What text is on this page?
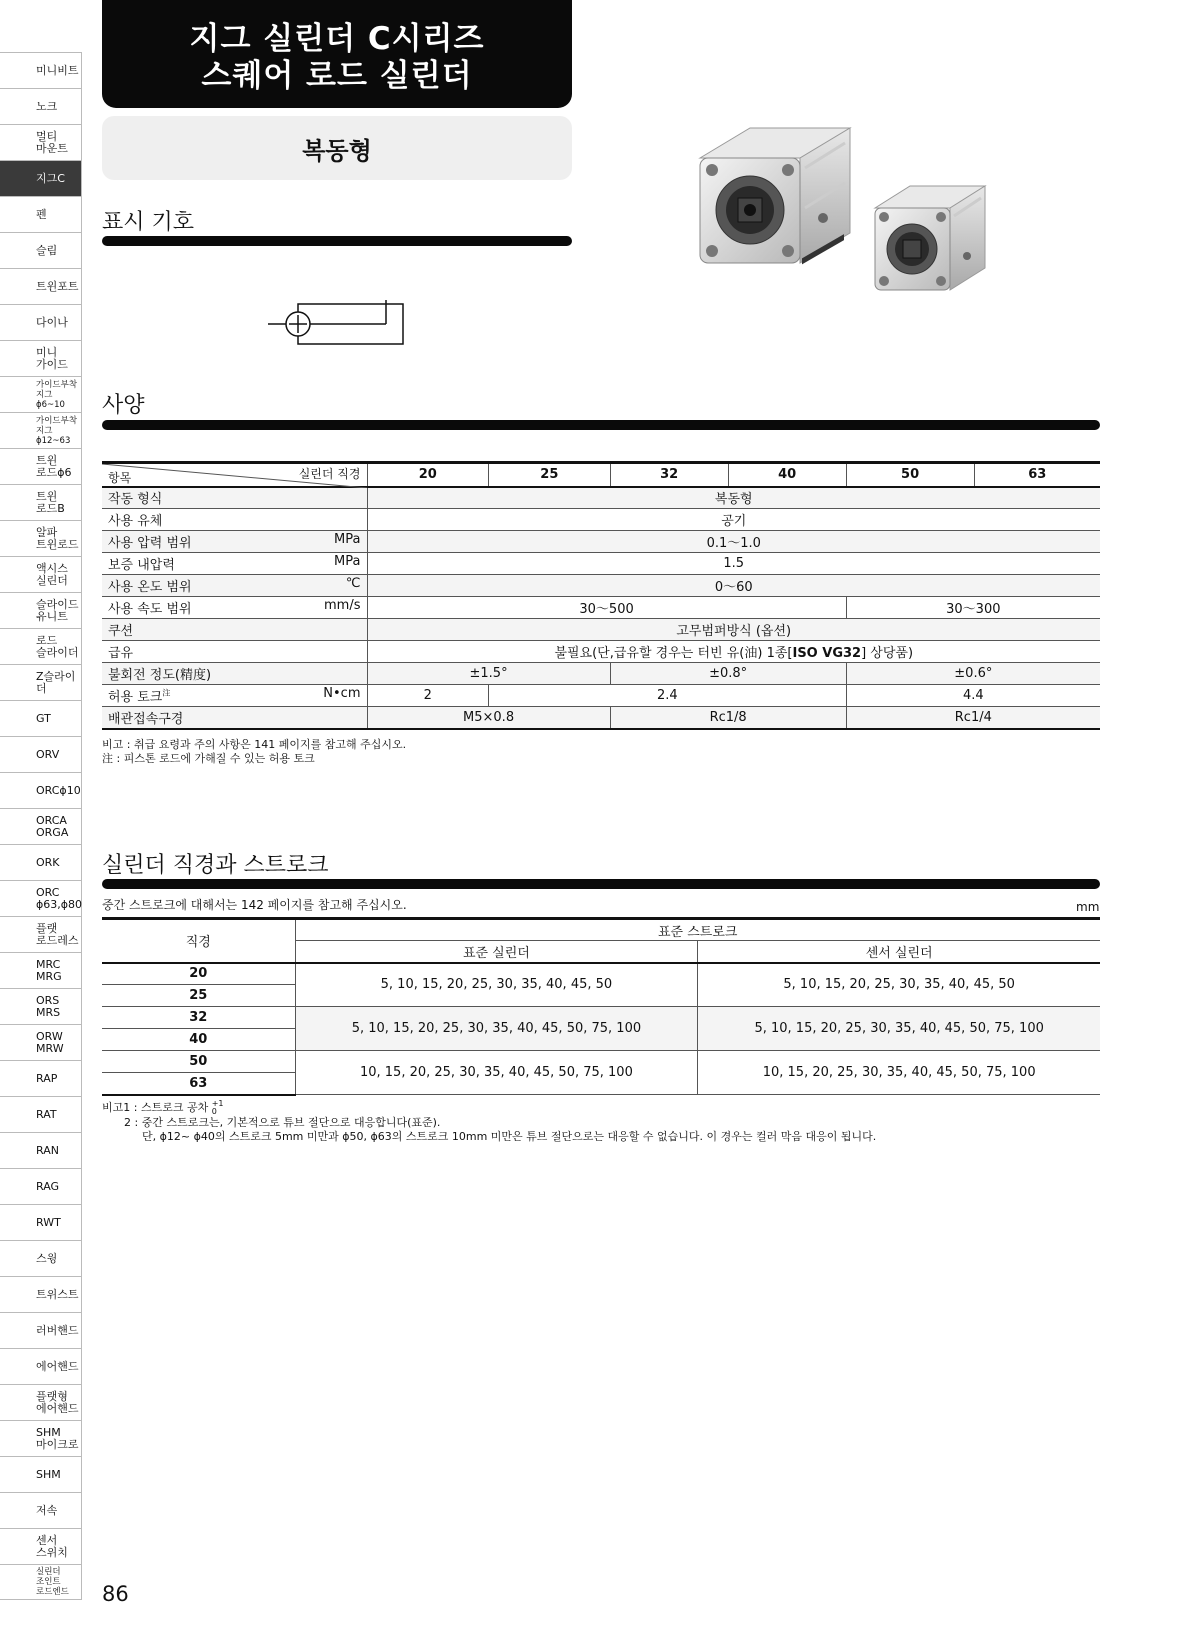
미니비트
노크
멀티
마운트
지그C
펜
슬림
트윈포트
다이나
미니
가이드
가이드부착지그
ϕ6~10
가이드부착지그
ϕ12~63
트윈
로드ϕ6
트윈
로드B
알파
트윈로드
액시스
실린더
슬라이드
유니트
로드
슬라이더
Z슬라이더
GT
ORV
ORCϕ10
ORCA
ORGA
ORK
ORC
ϕ63,ϕ80
플랫
로드레스
MRC
MRG
ORS
MRS
ORW
MRW
RAP
RAT
RAN
RAG
RWT
스윙
트위스트
러버핸드
에어핸드
플랫형
에어핸드
SHM
마이크로
SHM
저속
센서
스위치
실린더
조인트
로드엔드
지그 실린더 C시리즈
스퀘어 로드 실린더
복동형
표시 기호
사양
실린더 직경
항목	20	25	32	40	50	63
작동 형식	복동형					
사용 유체	공기					
사용 압력 범위 MPa	0.1～1.0					
보증 내압력 MPa	1.5					
사용 온도 범위 ℃	0～60					
사용 속도 범위 mm/s	30～500				30～300	
쿠션	고무범퍼방식 (옵션)					
급유	불필요(단,급유할 경우는 터빈 유(油) 1종[ISO VG32] 상당품)					
불회전 정도(精度)	±1.5°		±0.8°		±0.6°	
허용 토크$^注$ N•cm	2	2.4			4.4	
배관접속구경	M5×0.8		Rc1/8		Rc1/4	
비고 : 취급 요령과 주의 사항은 141 페이지를 참고해 주십시오.
注 : 피스톤 로드에 가해질 수 있는 허용 토크
실린더 직경과 스트로크
중간 스트로크에 대해서는 142 페이지를 참고해 주십시오.	mm
직경	표준 스트로크	
	표준 실린더	센서 실린더
20	5, 10, 15, 20, 25, 30, 35, 40, 45, 50	5, 10, 15, 20, 25, 30, 35, 40, 45, 50
25		
32	5, 10, 15, 20, 25, 30, 35, 40, 45, 50, 75, 100	5, 10, 15, 20, 25, 30, 35, 40, 45, 50, 75, 100
40		
50	10, 15, 20, 25, 30, 35, 40, 45, 50, 75, 100	10, 15, 20, 25, 30, 35, 40, 45, 50, 75, 100
63		
비고1 : 스트로크 공차 +1
0
2 : 중간 스트로크는, 기본적으로 튜브 절단으로 대응합니다(표준).
단, ϕ12~ ϕ40의 스트로크 5mm 미만과 ϕ50, ϕ63의 스트로크 10mm 미만은 튜브 절단으로는 대응할 수 없습니다. 이 경우는 컬러 막음 대응이 됩니다.
86
